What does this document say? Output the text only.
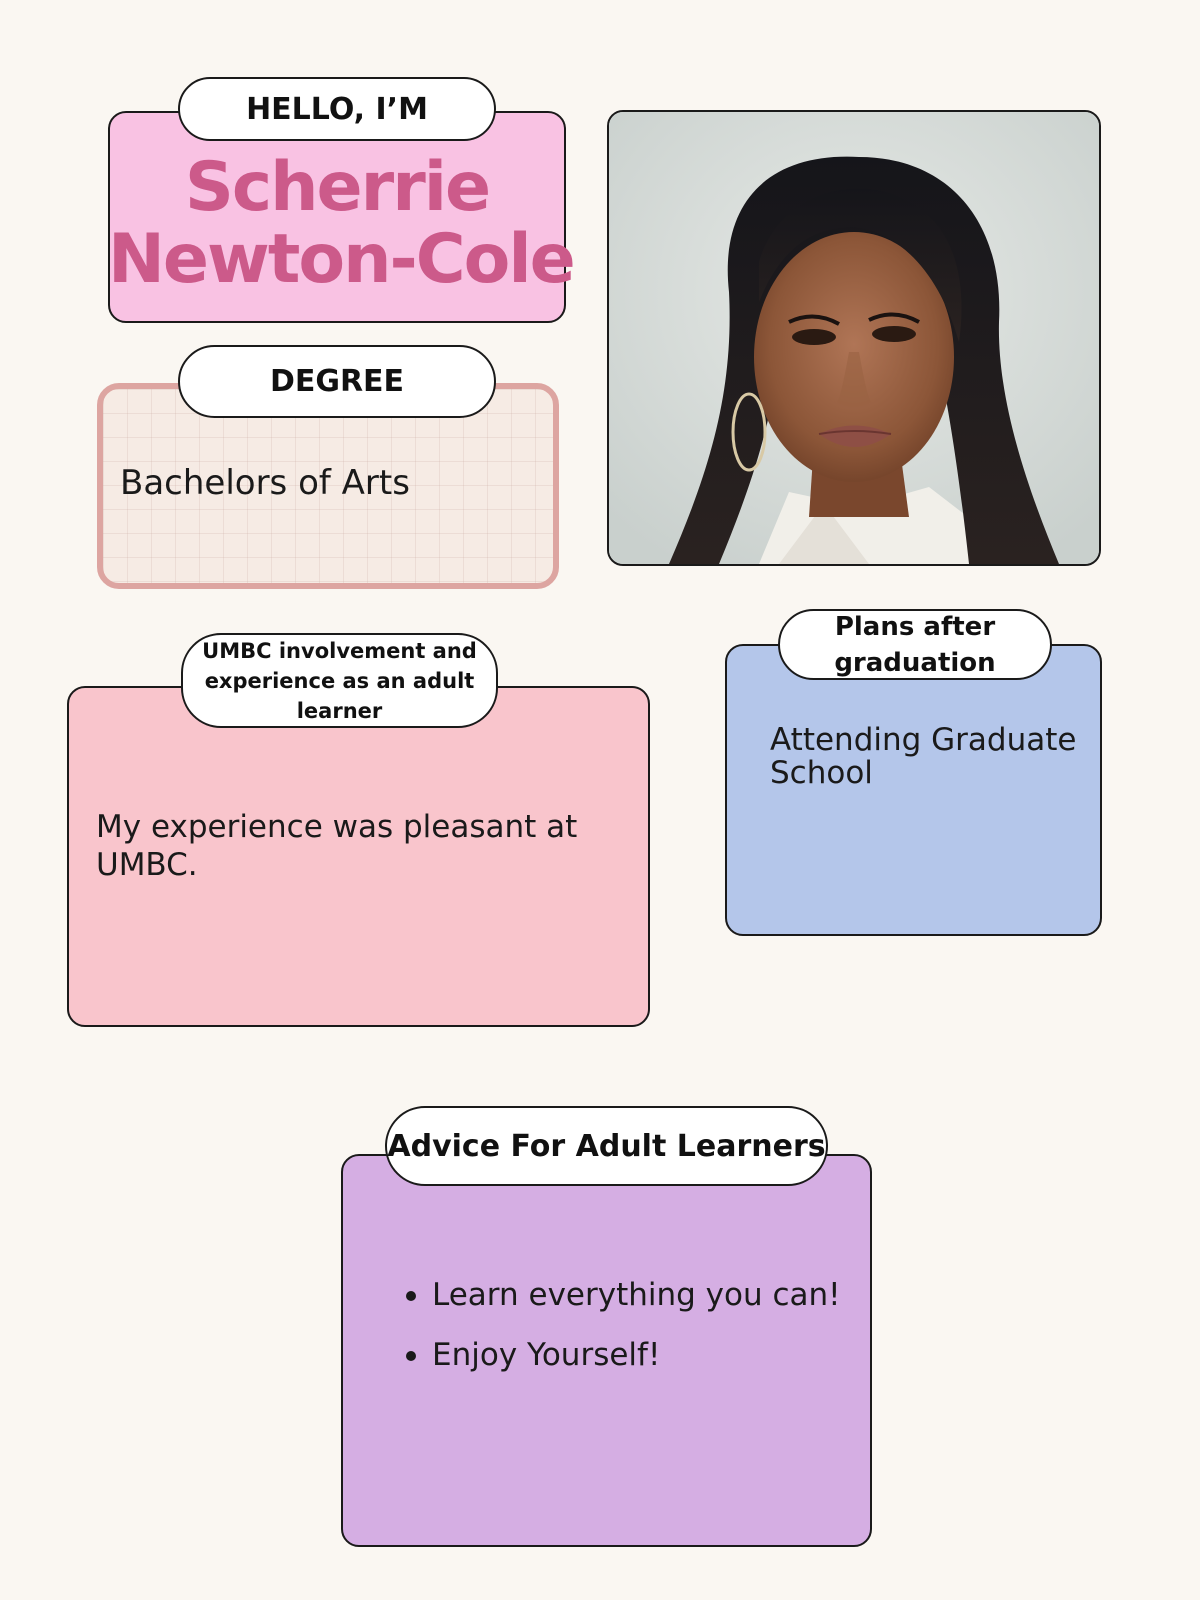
HELLO, I’M
Scherrie
Newton-Cole
DEGREE
Bachelors of Arts
UMBC involvement and experience as an adult learner
My experience was pleasant at UMBC.
Plans after graduation
Attending Graduate School
Advice For Adult Learners
Learn everything you can!
Enjoy Yourself!
